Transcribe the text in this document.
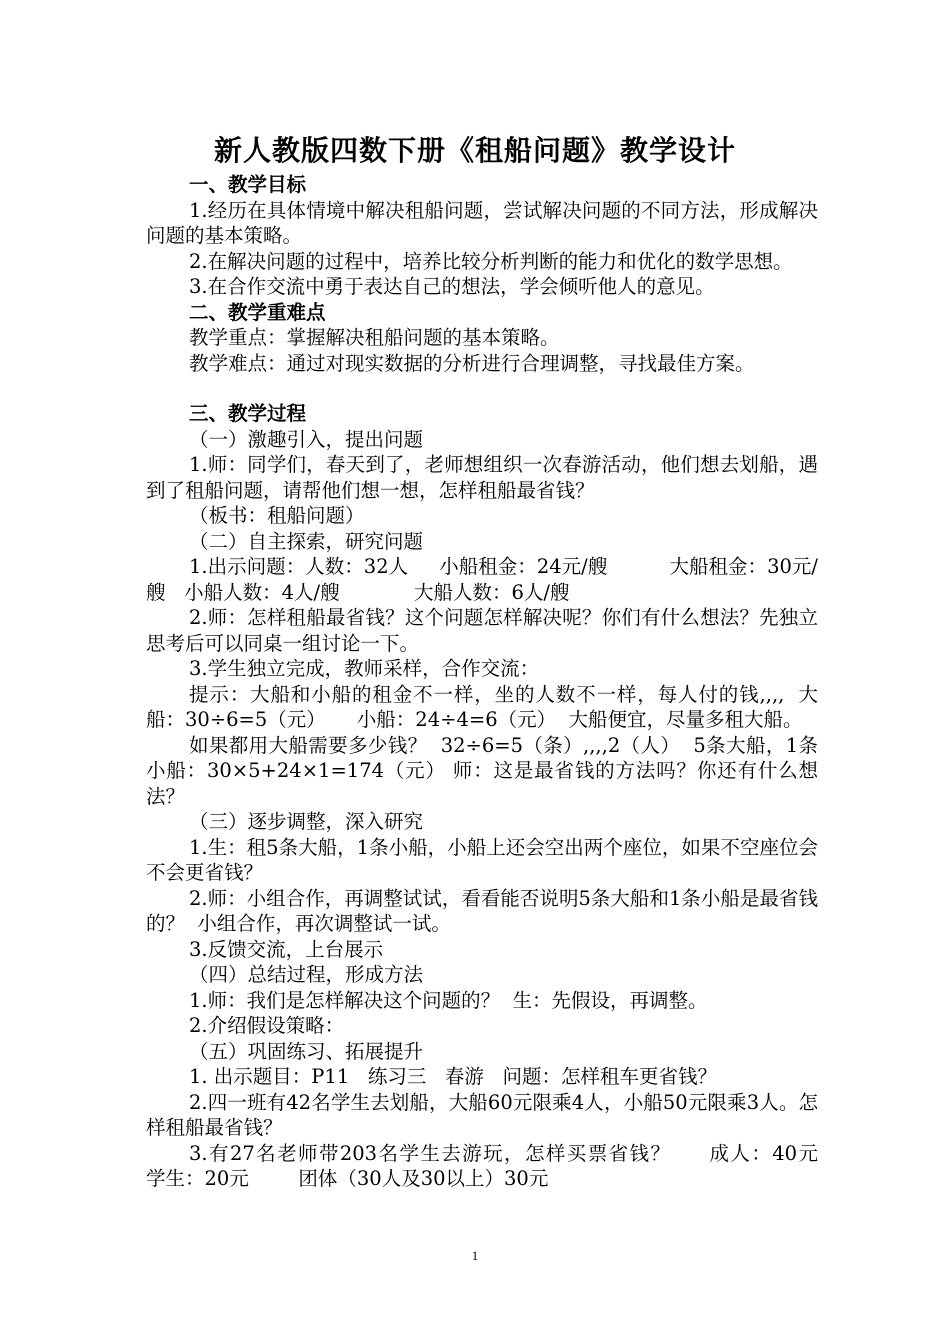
新人教版四数下册《租船问题》教学设计

一、教学目标

1.经历在具体情境中解决租船问题，尝试解决问题的不同方法，形成解决问题的基本策略。

2.在解决问题的过程中，培养比较分析判断的能力和优化的数学思想。

3.在合作交流中勇于表达自己的想法，学会倾听他人的意见。

二、教学重难点

教学重点：掌握解决租船问题的基本策略。

教学难点：通过对现实数据的分析进行合理调整，寻找最佳方案。

三、教学过程

（一）激趣引入，提出问题

1.师：同学们，春天到了，老师想组织一次春游活动，他们想去划船，遇到了租船问题，请帮他们想一想，怎样租船最省钱？

（板书：租船问题）

（二）自主探索，研究问题

1.出示问题：人数：32人     小船租金：24元/艘          大船租金：30元/艘   小船人数：4人/艘            大船人数：6人/艘

2.师：怎样租船最省钱？这个问题怎样解决呢？你们有什么想法？先独立思考后可以同桌一组讨论一下。

3.学生独立完成，教师采样，合作交流：

提示：大船和小船的租金不一样，坐的人数不一样，每人付的钱,,,,  大船：30÷6=5（元）     小船：24÷4=6（元）  大船便宜，尽量多租大船。

如果都用大船需要多少钱？  32÷6=5（条）,,,,2（人）  5条大船，1条小船：30×5+24×1=174（元） 师：这是最省钱的方法吗？你还有什么想法？

（三）逐步调整，深入研究

1.生：租5条大船，1条小船，小船上还会空出两个座位，如果不空座位会不会更省钱？

2.师：小组合作，再调整试试，看看能否说明5条大船和1条小船是最省钱的？  小组合作，再次调整试一试。

3.反馈交流，上台展示

（四）总结过程，形成方法

1.师：我们是怎样解决这个问题的？  生：先假设，再调整。

2.介绍假设策略：

（五）巩固练习、拓展提升

1. 出示题目：P11   练习三   春游   问题：怎样租车更省钱？

2.四一班有42名学生去划船，大船60元限乘4人，小船50元限乘3人。怎样租船最省钱？

3.有27名老师带203名学生去游玩，怎样买票省钱？     成人：40元           学生：20元        团体（30人及30以上）30元

1
